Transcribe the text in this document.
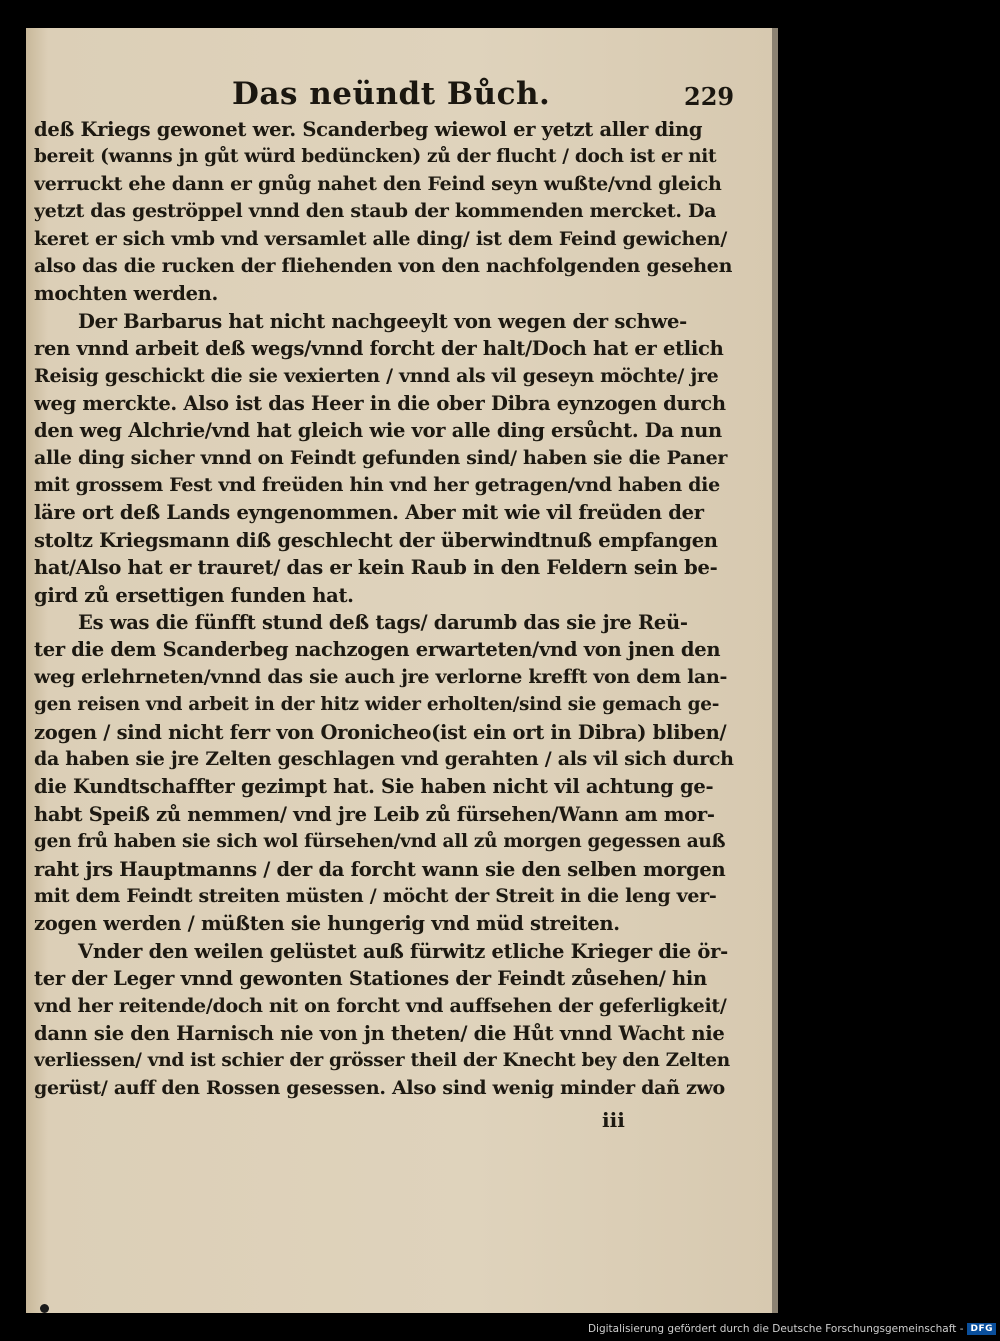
Das neündt Bůch.	229
deß Kriegs gewonet wer. Scanderbeg wiewol er yetzt aller ding
bereit (wanns jn gůt würd bedüncken) zů der flucht / doch ist er nit
verruckt ehe dann er gnůg nahet den Feind seyn wußte/vnd gleich
yetzt das geströppel vnnd den staub der kommenden mercket. Da
keret er sich vmb vnd versamlet alle ding/ ist dem Feind gewichen/
also das die rucken der fliehenden von den nachfolgenden gesehen
mochten werden.
Der Barbarus hat nicht nachgeeylt von wegen der schwe-
ren vnnd arbeit deß wegs/vnnd forcht der halt/Doch hat er etlich
Reisig geschickt die sie vexierten / vnnd als vil geseyn möchte/ jre
weg merckte. Also ist das Heer in die ober Dibra eynzogen durch
den weg Alchrie/vnd hat gleich wie vor alle ding ersůcht. Da nun
alle ding sicher vnnd on Feindt gefunden sind/ haben sie die Paner
mit grossem Fest vnd freüden hin vnd her getragen/vnd haben die
läre ort deß Lands eyngenommen. Aber mit wie vil freüden der
stoltz Kriegsmann diß geschlecht der überwindtnuß empfangen
hat/Also hat er trauret/ das er kein Raub in den Feldern sein be-
gird zů ersettigen funden hat.
Es was die fünfft stund deß tags/ darumb das sie jre Reü-
ter die dem Scanderbeg nachzogen erwarteten/vnd von jnen den
weg erlehrneten/vnnd das sie auch jre verlorne krefft von dem lan-
gen reisen vnd arbeit in der hitz wider erholten/sind sie gemach ge-
zogen / sind nicht ferr von Oronicheo(ist ein ort in Dibra) bliben/
da haben sie jre Zelten geschlagen vnd gerahten / als vil sich durch
die Kundtschaffter gezimpt hat. Sie haben nicht vil achtung ge-
habt Speiß zů nemmen/ vnd jre Leib zů fürsehen/Wann am mor-
gen frů haben sie sich wol fürsehen/vnd all zů morgen gegessen auß
raht jrs Hauptmanns / der da forcht wann sie den selben morgen
mit dem Feindt streiten müsten / möcht der Streit in die leng ver-
zogen werden / müßten sie hungerig vnd müd streiten.
Vnder den weilen gelüstet auß fürwitz etliche Krieger die ör-
ter der Leger vnnd gewonten Stationes der Feindt zůsehen/ hin
vnd her reitende/doch nit on forcht vnd auffsehen der geferligkeit/
dann sie den Harnisch nie von jn theten/ die Hůt vnnd Wacht nie
verliessen/ vnd ist schier der grösser theil der Knecht bey den Zelten
gerüst/ auff den Rossen gesessen. Also sind wenig minder dañ zwo
iii
Digitalisierung gefördert durch die Deutsche Forschungsgemeinschaft - DFG
